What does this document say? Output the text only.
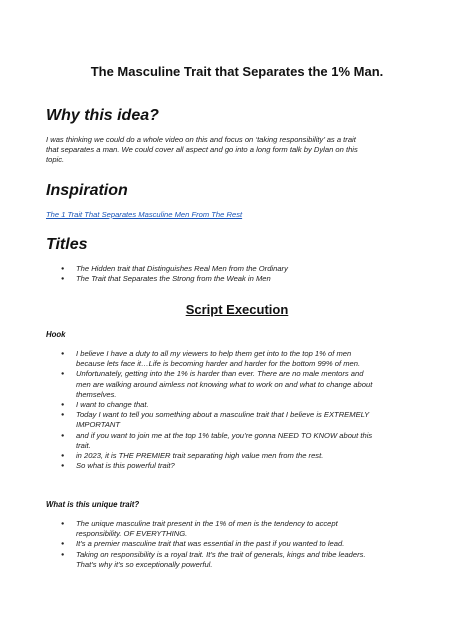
The Masculine Trait that Separates the 1% Man.
Why this idea?
I was thinking we could do a whole video on this and focus on ‘taking responsibility’ as a trait
that separates a man. We could cover all aspect and go into a long form talk by Dylan on this
topic.
Inspiration
The 1 Trait That Separates Masculine Men From The Rest
Titles
● The Hidden trait that Distinguishes Real Men from the Ordinary
● The Trait that Separates the Strong from the Weak in Men
Script Execution
Hook
● I believe I have a duty to all my viewers to help them get into to the top 1% of men
because lets face it…Life is becoming harder and harder for the bottom 99% of men.
● Unfortunately, getting into the 1% is harder than ever. There are no male mentors and
men are walking around aimless not knowing what to work on and what to change about
themselves.
● I want to change that.
● Today I want to tell you something about a masculine trait that I believe is EXTREMELY
IMPORTANT
● and if you want to join me at the top 1% table, you’re gonna NEED TO KNOW about this
trait.
● in 2023, it is THE PREMIER trait separating high value men from the rest.
● So what is this powerful trait?
What is this unique trait?
● The unique masculine trait present in the 1% of men is the tendency to accept
responsibility. OF EVERYTHING.
● It’s a premier masculine trait that was essential in the past if you wanted to lead.
● Taking on responsibility is a royal trait. It’s the trait of generals, kings and tribe leaders.
That’s why it’s so exceptionally powerful.
